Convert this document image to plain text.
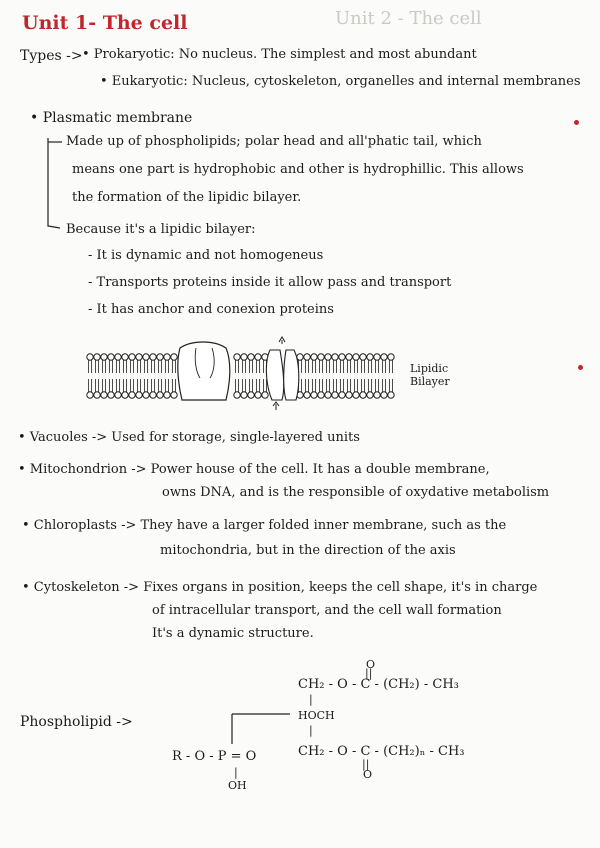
Unit 2 - The cell
Unit 1- The cell
Types -> • Prokaryotic: No nucleus. The simplest and most abundant
• Eukaryotic: Nucleus, cytoskeleton, organelles and internal membranes
• Plasmatic membrane
Made up of phospholipids; polar head and all'phatic tail, which
means one part is hydrophobic and other is hydrophillic. This allows
the formation of the lipidic bilayer.
Because it's a lipidic bilayer:
- It is dynamic and not homogeneus
- Transports proteins inside it allow pass and transport
- It has anchor and conexion proteins
Lipidic
Bilayer
• Vacuoles -> Used for storage, single-layered units
• Mitochondrion -> Power house of the cell. It has a double membrane,
owns DNA, and is the responsible of oxydative metabolism
• Chloroplasts -> They have a larger folded inner membrane, such as the
mitochondria, but in the direction of the axis
• Cytoskeleton -> Fixes organs in position, keeps the cell shape, it's in charge
of intracellular transport, and the cell wall formation
It's a dynamic structure.
Phospholipid ->
O
||
CH₂ - O - C - (CH₂) - CH₃
|
HOCH
|
CH₂ - O - C - (CH₂)ₙ - CH₃
||
O
R - O - P = O
|
OH
